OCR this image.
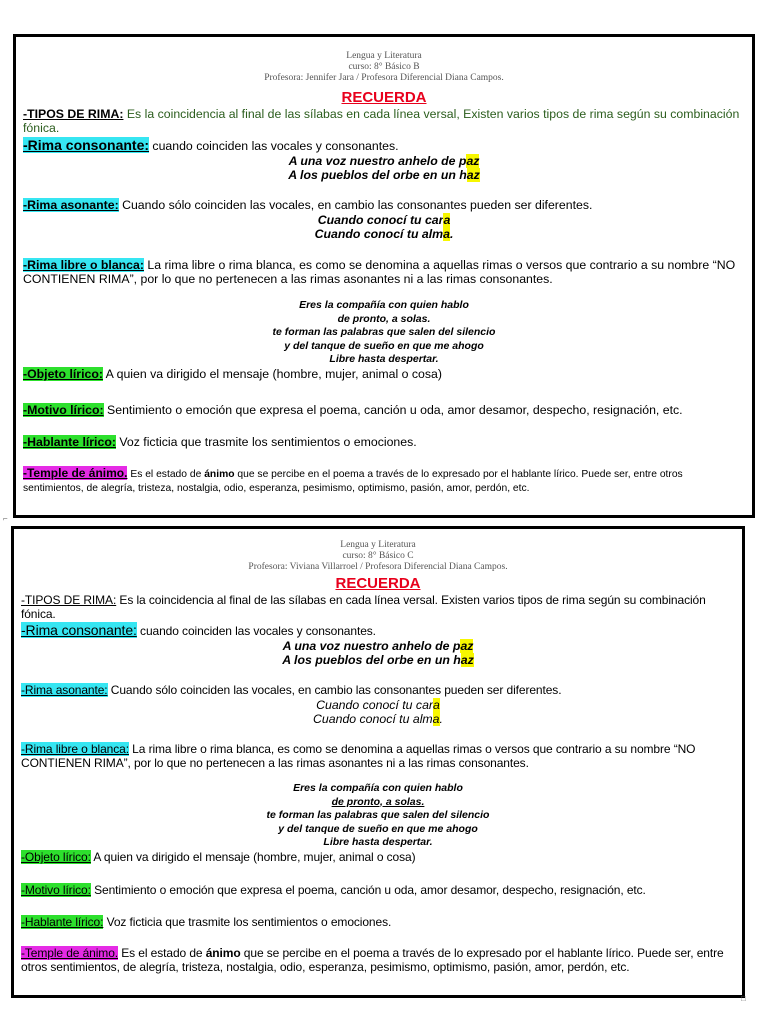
Lengua y Literatura
curso: 8° Básico B
Profesora: Jennifer Jara / Profesora Diferencial Diana Campos.
RECUERDA
-TIPOS DE RIMA: Es la coincidencia al final de las sílabas en cada línea versal, Existen varios tipos de rima según su combinación fónica.
-Rima consonante: cuando coinciden las vocales y consonantes.
A una voz nuestro anhelo de paz
A los pueblos del orbe en un haz
-Rima asonante: Cuando sólo coinciden las vocales, en cambio las consonantes pueden ser diferentes.
Cuando conocí tu cara
Cuando conocí tu alma.
-Rima libre o blanca: La rima libre o rima blanca, es como se denomina a aquellas rimas o versos que contrario a su nombre “NO CONTIENEN RIMA”, por lo que no pertenecen a las rimas asonantes ni a las rimas consonantes.
Eres la compañía con quien hablo
de pronto, a solas.
te forman las palabras que salen del silencio
y del tanque de sueño en que me ahogo
Libre hasta despertar.
-Objeto lírico: A quien va dirigido el mensaje (hombre, mujer, animal o cosa)
-Motivo lírico: Sentimiento o emoción que expresa el poema, canción u oda, amor desamor, despecho, resignación, etc.
-Hablante lírico: Voz ficticia que trasmite los sentimientos o emociones.
-Temple de ánimo. Es el estado de ánimo que se percibe en el poema a través de lo expresado por el hablante lírico. Puede ser, entre otros sentimientos, de alegría, tristeza, nostalgia, odio, esperanza, pesimismo, optimismo, pasión, amor, perdón, etc.
Lengua y Literatura
curso: 8° Básico C
Profesora: Viviana Villarroel / Profesora Diferencial Diana Campos.
RECUERDA
-TIPOS DE RIMA: Es la coincidencia al final de las sílabas en cada línea versal. Existen varios tipos de rima según su combinación fónica.
-Rima consonante: cuando coinciden las vocales y consonantes.
A una voz nuestro anhelo de paz
A los pueblos del orbe en un haz
-Rima asonante: Cuando sólo coinciden las vocales, en cambio las consonantes pueden ser diferentes.
Cuando conocí tu cara
Cuando conocí tu alma.
-Rima libre o blanca: La rima libre o rima blanca, es como se denomina a aquellas rimas o versos que contrario a su nombre “NO CONTIENEN RIMA”, por lo que no pertenecen a las rimas asonantes ni a las rimas consonantes.
Eres la compañía con quien hablo
de pronto, a solas.
te forman las palabras que salen del silencio
y del tanque de sueño en que me ahogo
Libre hasta despertar.
-Objeto lírico: A quien va dirigido el mensaje (hombre, mujer, animal o cosa)
-Motivo lírico: Sentimiento o emoción que expresa el poema, canción u oda, amor desamor, despecho, resignación, etc.
-Hablante lírico: Voz ficticia que trasmite los sentimientos o emociones.
-Temple de ánimo. Es el estado de ánimo que se percibe en el poema a través de lo expresado por el hablante lírico. Puede ser, entre otros sentimientos, de alegría, tristeza, nostalgia, odio, esperanza, pesimismo, optimismo, pasión, amor, perdón, etc.
⌐
□
